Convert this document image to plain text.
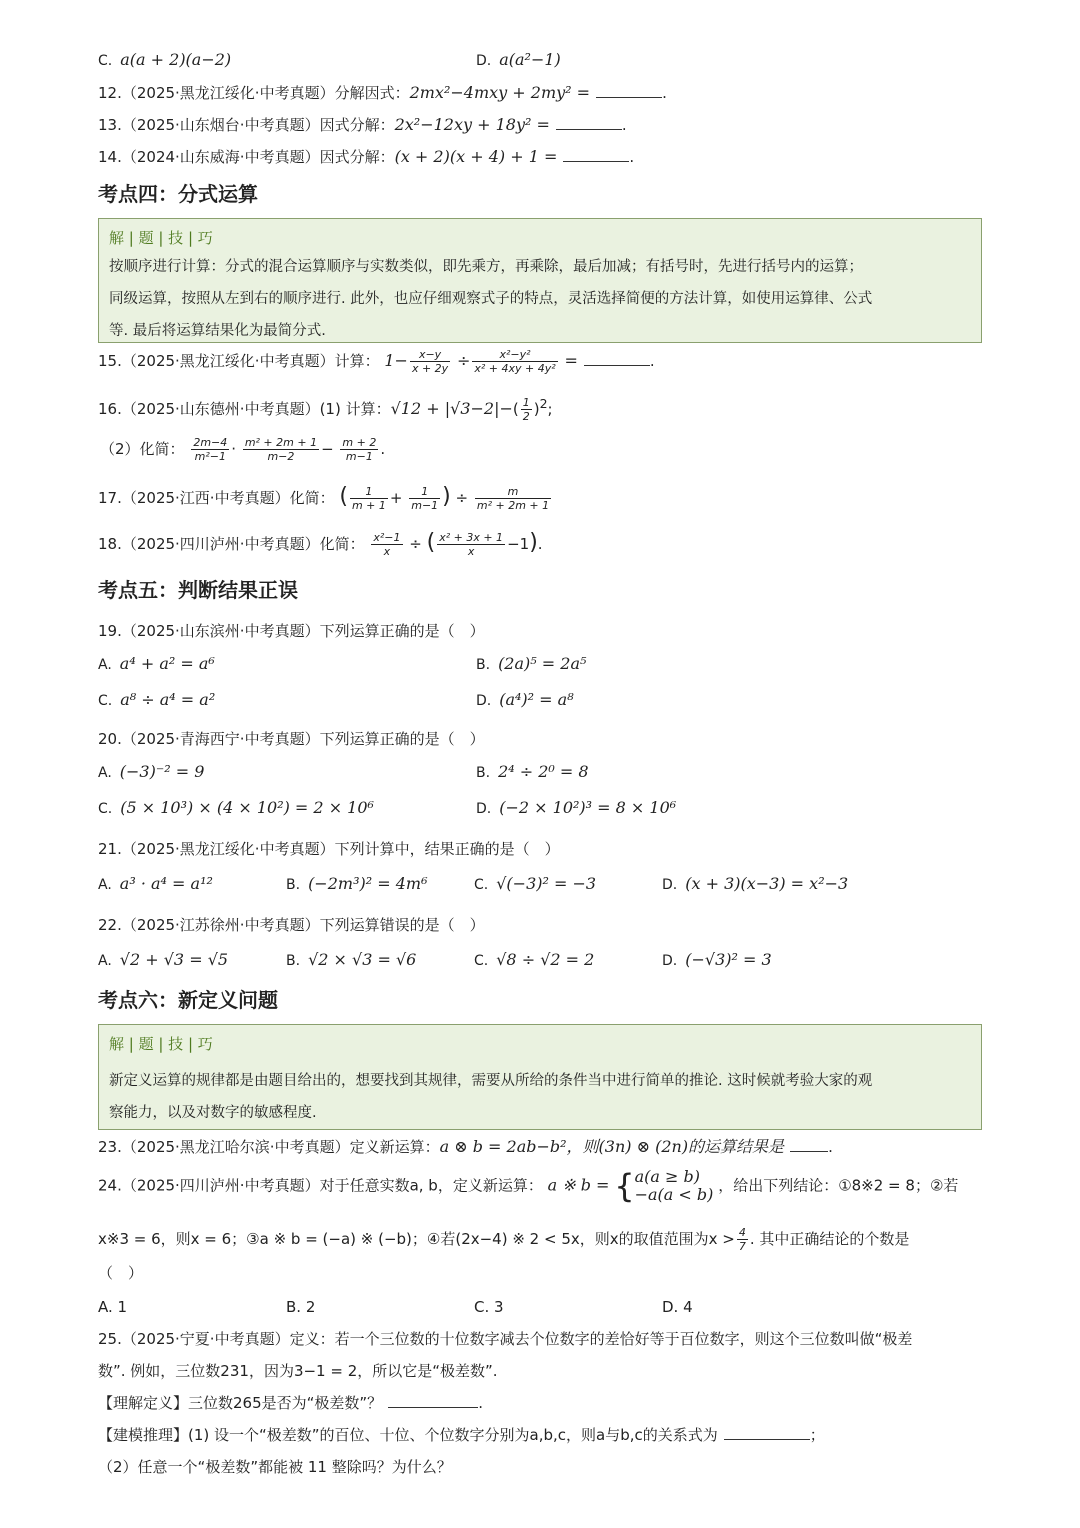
C. a(a + 2)(a−2)	D. a(a²−1)
12.（2025·黑龙江绥化·中考真题）分解因式：2mx²−4mxy + 2my² =	.
13.（2025·山东烟台·中考真题）因式分解：2x²−12xy + 18y² =	.
14.（2024·山东威海·中考真题）因式分解：(x + 2)(x + 4) + 1 =	.
考点四：分式运算
解 | 题 | 技 | 巧
按顺序进行计算：分式的混合运算顺序与实数类似，即先乘方，再乘除，最后加减；有括号时，先进行括号内的运算；
同级运算，按照从左到右的顺序进行. 此外，也应仔细观察式子的特点，灵活选择简便的方法计算，如使用运算律、公式
等. 最后将运算结果化为最简分式.
15.（2025·黑龙江绥化·中考真题）计算： $1- \frac{x-y}{x + 2y} \div \frac{\text{x²−y²}}{\text{x² + 4xy + 4y²}}$ =	.
16.（2025·山东德州·中考真题）(1) 计算：$√12 + |√3-2|-( \frac{1}{2} )^2$;
（2）化简： $\frac{2m-4}{\text{m²−1}} \cdot \frac{\text{m² + 2m + 1}}{m-2} - \frac{m + 2}{m-1}$ .
17.（2025·江西·中考真题）化简： ( $\frac{1}{m + 1} + \frac{1}{m-1}$ ) ÷ $\frac{m}{\text{m² + 2m + 1}}$
18.（2025·四川泸州·中考真题）化简： $\frac{\text{x²−1}}{x}$ ÷ ( $\frac{\text{x² + 3x + 1}}{x} -1$).
考点五：判断结果正误
19.（2025·山东滨州·中考真题）下列运算正确的是（　）
A. a⁴ + a² = a⁶	B. (2a)⁵ = 2a⁵
C. a⁸ ÷ a⁴ = a²	D. (a⁴)² = a⁸
20.（2025·青海西宁·中考真题）下列运算正确的是（　）
A. (−3)⁻² = 9	B. 2⁴ ÷ 2⁰ = 8
C. (5 × 10³) × (4 × 10²) = 2 × 10⁶	D. (−2 × 10²)³ = 8 × 10⁶
21.（2025·黑龙江绥化·中考真题）下列计算中，结果正确的是（　）
A. a³ · a⁴ = a¹²	B. (−2m³)² = 4m⁶	C. √(−3)² = −3	D. (x + 3)(x−3) = x²−3
22.（2025·江苏徐州·中考真题）下列运算错误的是（　）
A. √2 + √3 = √5	B. √2 × √3 = √6	C. √8 ÷ √2 = 2	D. (−√3)² = 3
考点六：新定义问题
解 | 题 | 技 | 巧
新定义运算的规律都是由题目给出的，想要找到其规律，需要从所给的条件当中进行简单的推论. 这时候就考验大家的观
察能力，以及对数字的敏感程度.
23.（2025·黑龙江哈尔滨·中考真题）定义新运算：a ⊗ b = 2ab−b²，则(3n) ⊗ (2n)的运算结果是	.
24.（2025·四川泸州·中考真题）对于任意实数a, b，定义新运算： a ※ b = { a(a ≥ b)
−a(a < b) ，给出下列结论：①8※2 = 8；②若
x※3 = 6，则x = 6；③a ※ b = (−a) ※ (−b)；④若(2x−4) ※ 2 < 5x，则x的取值范围为$x > \frac{4}{7}$ . 其中正确结论的个数是
（　）
A. 1	B. 2	C. 3	D. 4
25.（2025·宁夏·中考真题）定义：若一个三位数的十位数字减去个位数字的差恰好等于百位数字，则这个三位数叫做“极差
数”. 例如，三位数231，因为3−1 = 2，所以它是“极差数”.
【理解定义】三位数265是否为“极差数”？	.
【建模推理】(1) 设一个“极差数”的百位、十位、个位数字分别为a,b,c，则a与b,c的关系式为	；
（2）任意一个“极差数”都能被 11 整除吗？为什么？
